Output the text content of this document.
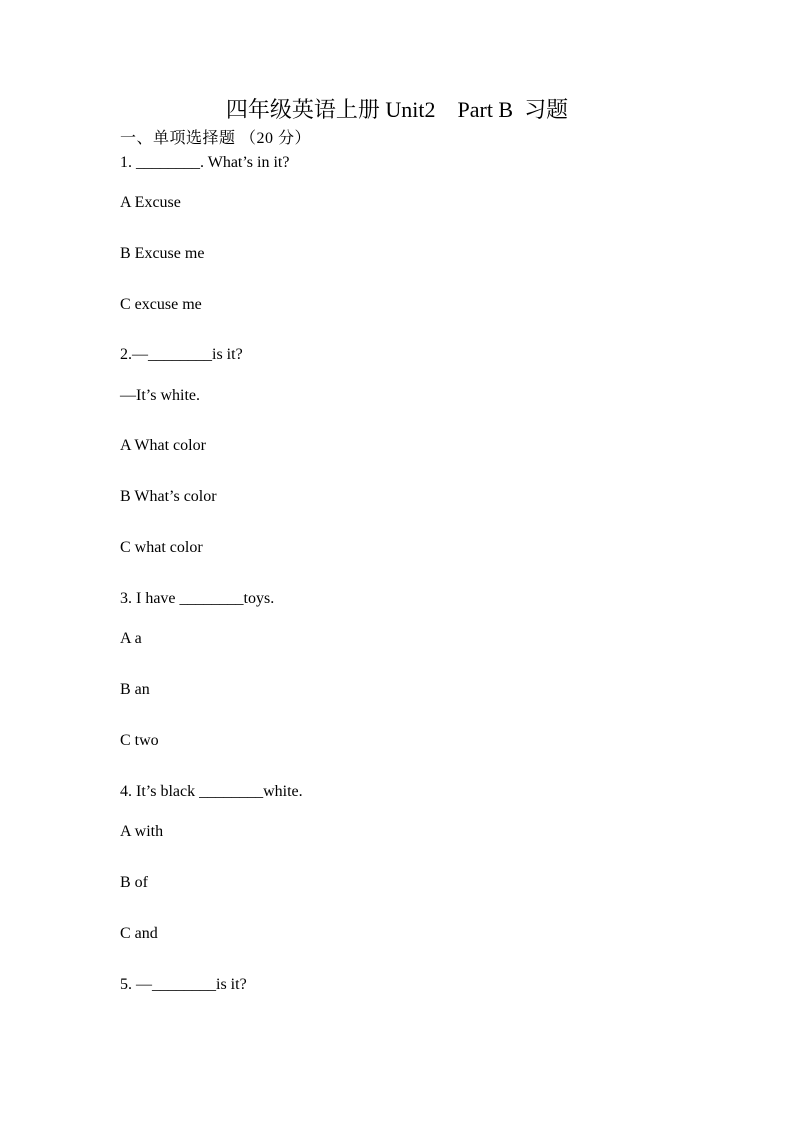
四年级英语上册 Unit2    Part B  习题
一、单项选择题 （20 分）
1. ________. What’s in it?
A Excuse
B Excuse me
C excuse me
2.—________is it?
—It’s white.
A What color
B What’s color
C what color
3. I have ________toys.
A a
B an
C two
4. It’s black ________white.
A with
B of
C and
5. —________is it?
